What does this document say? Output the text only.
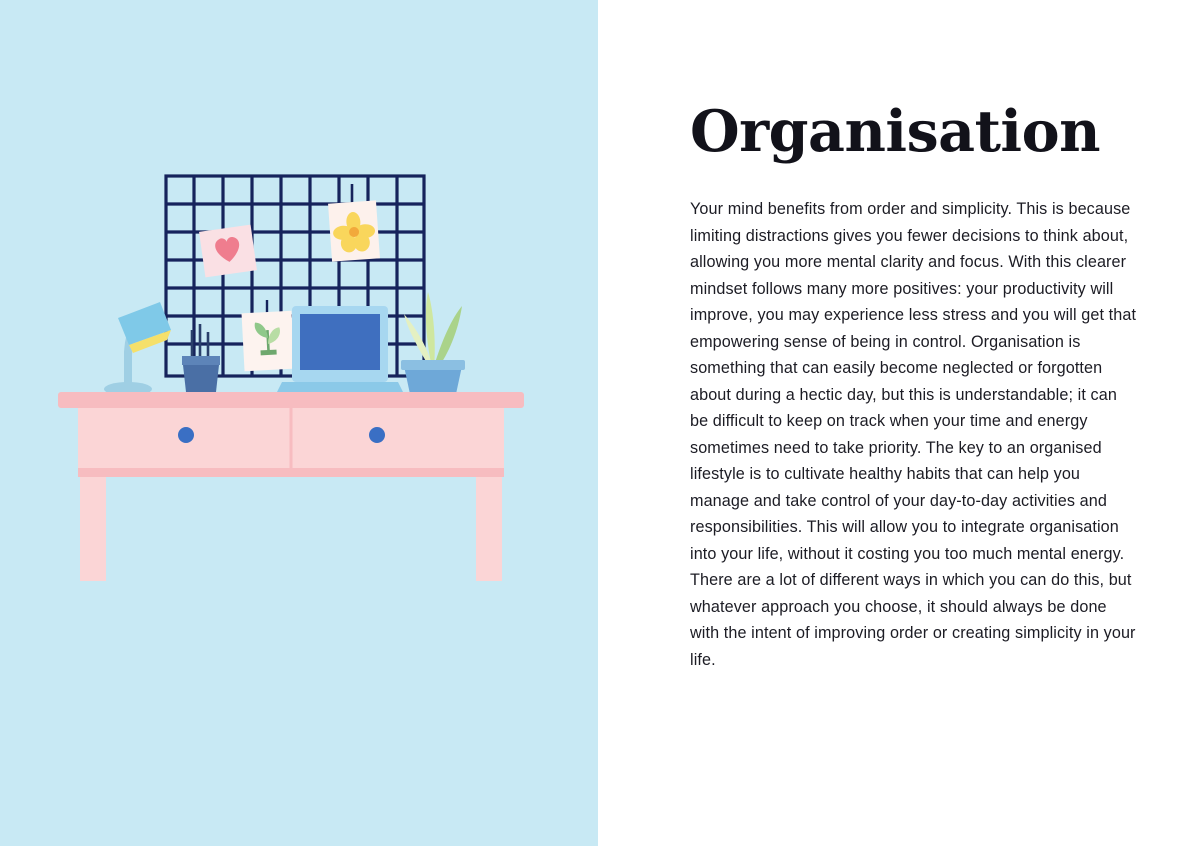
Organisation

Your mind benefits from order and simplicity. This is because limiting distractions gives you fewer decisions to think about, allowing you more mental clarity and focus. With this clearer mindset follows many more positives: your productivity will improve, you may experience less stress and you will get that empowering sense of being in control. Organisation is something that can easily become neglected or forgotten about during a hectic day, but this is understandable; it can be difficult to keep on track when your time and energy sometimes need to take priority. The key to an organised lifestyle is to cultivate healthy habits that can help you manage and take control of your day-to-day activities and responsibilities. This will allow you to integrate organisation into your life, without it costing you too much mental energy. There are a lot of different ways in which you can do this, but whatever approach you choose, it should always be done with the intent of improving order or creating simplicity in your life.
